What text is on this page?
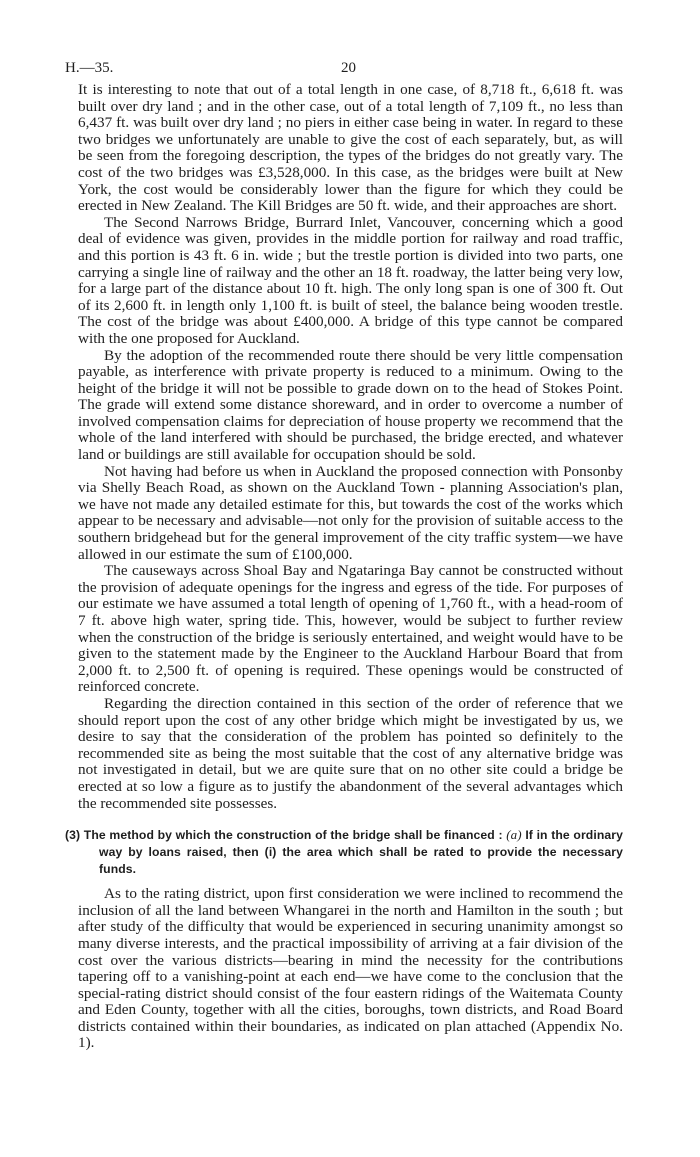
H.—35.	20

It is interesting to note that out of a total length in one case, of 8,718 ft., 6,618 ft. was built over dry land ; and in the other case, out of a total length of 7,109 ft., no less than 6,437 ft. was built over dry land ; no piers in either case being in water. In regard to these two bridges we unfortunately are unable to give the cost of each separately, but, as will be seen from the foregoing description, the types of the bridges do not greatly vary. The cost of the two bridges was £3,528,000. In this case, as the bridges were built at New York, the cost would be considerably lower than the figure for which they could be erected in New Zealand. The Kill Bridges are 50 ft. wide, and their approaches are short.

The Second Narrows Bridge, Burrard Inlet, Vancouver, concerning which a good deal of evidence was given, provides in the middle portion for railway and road traffic, and this portion is 43 ft. 6 in. wide ; but the trestle portion is divided into two parts, one carrying a single line of railway and the other an 18 ft. roadway, the latter being very low, for a large part of the distance about 10 ft. high. The only long span is one of 300 ft. Out of its 2,600 ft. in length only 1,100 ft. is built of steel, the balance being wooden trestle. The cost of the bridge was about £400,000. A bridge of this type cannot be compared with the one proposed for Auckland.

By the adoption of the recommended route there should be very little compensation payable, as interference with private property is reduced to a minimum. Owing to the height of the bridge it will not be possible to grade down on to the head of Stokes Point. The grade will extend some distance shoreward, and in order to overcome a number of involved compensation claims for depreciation of house property we recommend that the whole of the land interfered with should be purchased, the bridge erected, and whatever land or buildings are still available for occupation should be sold.

Not having had before us when in Auckland the proposed connection with Ponsonby via Shelly Beach Road, as shown on the Auckland Town - planning Association's plan, we have not made any detailed estimate for this, but towards the cost of the works which appear to be necessary and advisable—not only for the provision of suitable access to the southern bridgehead but for the general improvement of the city traffic system—we have allowed in our estimate the sum of £100,000.

The causeways across Shoal Bay and Ngataringa Bay cannot be constructed without the provision of adequate openings for the ingress and egress of the tide. For purposes of our estimate we have assumed a total length of opening of 1,760 ft., with a head-room of 7 ft. above high water, spring tide. This, however, would be subject to further review when the construction of the bridge is seriously entertained, and weight would have to be given to the statement made by the Engineer to the Auckland Harbour Board that from 2,000 ft. to 2,500 ft. of opening is required. These openings would be constructed of reinforced concrete.

Regarding the direction contained in this section of the order of reference that we should report upon the cost of any other bridge which might be investigated by us, we desire to say that the consideration of the problem has pointed so definitely to the recommended site as being the most suitable that the cost of any alternative bridge was not investigated in detail, but we are quite sure that on no other site could a bridge be erected at so low a figure as to justify the abandonment of the several advantages which the recommended site possesses.

(3) The method by which the construction of the bridge shall be financed : (a) If in the ordinary way by loans raised, then (i) the area which shall be rated to provide the necessary funds.

As to the rating district, upon first consideration we were inclined to recommend the inclusion of all the land between Whangarei in the north and Hamilton in the south ; but after study of the difficulty that would be experienced in securing unanimity amongst so many diverse interests, and the practical impossibility of arriving at a fair division of the cost over the various districts—bearing in mind the necessity for the contributions tapering off to a vanishing-point at each end—we have come to the conclusion that the special-rating district should consist of the four eastern ridings of the Waitemata County and Eden County, together with all the cities, boroughs, town districts, and Road Board districts contained within their boundaries, as indicated on plan attached (Appendix No. 1).
